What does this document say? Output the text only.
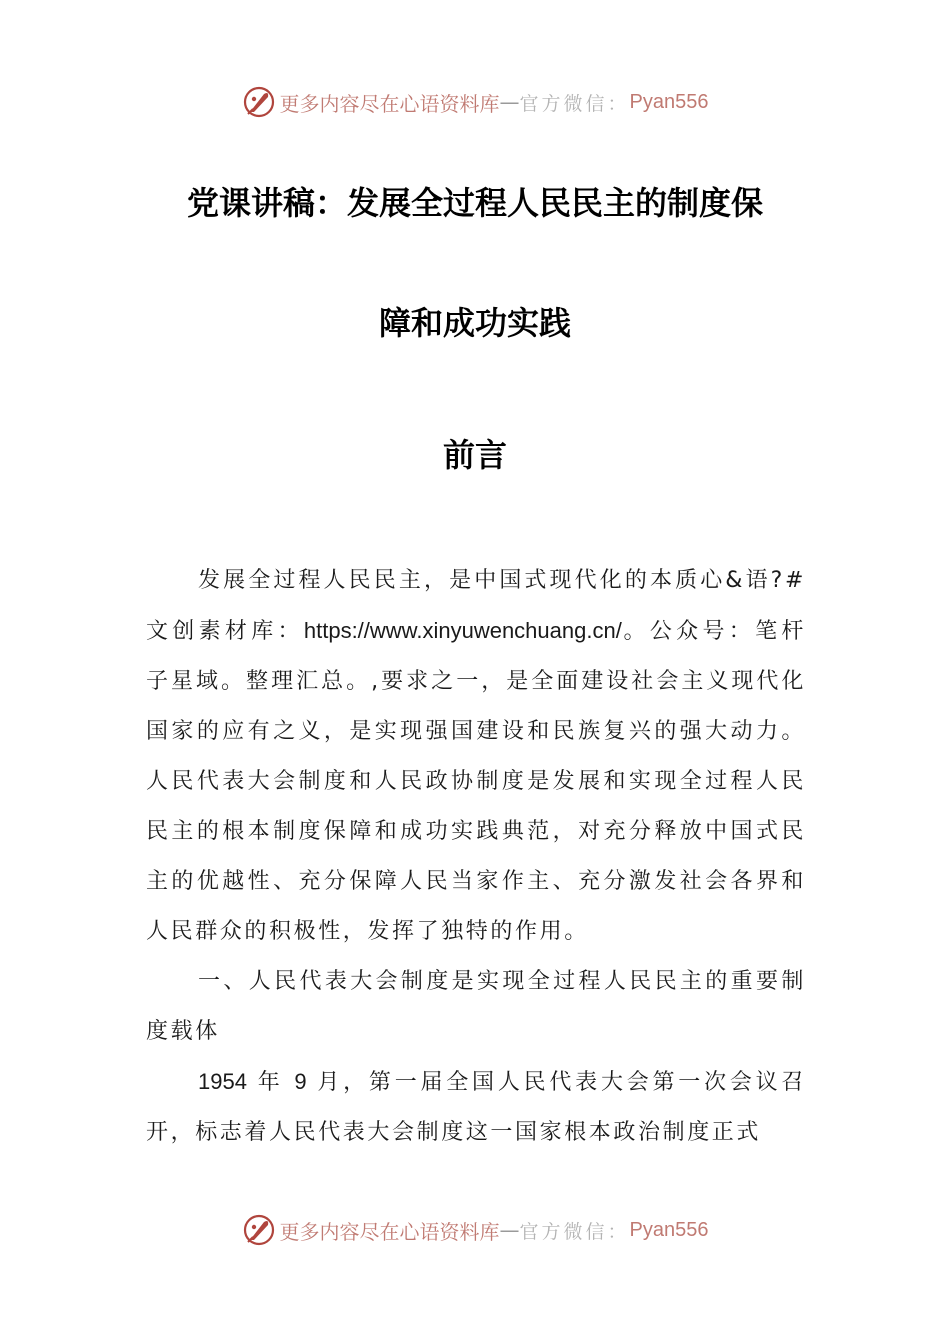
更多内容尽在心语资料库 — 官方微信： Pyan556
党课讲稿：发展全过程人民民主的制度保
障和成功实践
前言

发展全过程人民民主，是中国式现代化的本质心&语?#文创素材库：https://www.xinyuwenchuang.cn/。公众号：笔杆子星域。整理汇总。,要求之一，是全面建设社会主义现代化国家的应有之义，是实现强国建设和民族复兴的强大动力。人民代表大会制度和人民政协制度是发展和实现全过程人民民主的根本制度保障和成功实践典范，对充分释放中国式民主的优越性、充分保障人民当家作主、充分激发社会各界和人民群众的积极性，发挥了独特的作用。

一、人民代表大会制度是实现全过程人民民主的重要制度载体

1954 年 9 月，第一届全国人民代表大会第一次会议召开，标志着人民代表大会制度这一国家根本政治制度正式

更多内容尽在心语资料库 — 官方微信： Pyan556
